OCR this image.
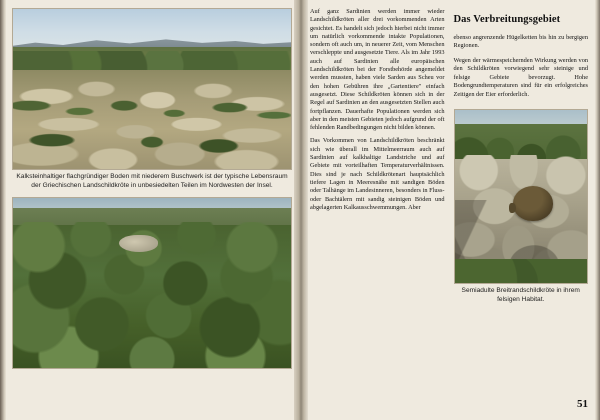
Kalksteinhaltiger flachgründiger Boden mit niederem Buschwerk ist der typische Lebensraum der Griechischen Landschildkröte in unbesiedelten Teilen im Nordwesten der Insel.

Auf ganz Sardinien werden immer wieder Landschildkröten aller drei vorkommenden Arten gesichtet. Es handelt sich jedoch hierbei nicht immer um natürlich vorkommende intakte Populationen, sondern oft auch um, in neuerer Zeit, vom Menschen verschleppte und ausgesetzte Tiere. Als im Jahr 1993 auch auf Sardinien alle europäischen Landschildkröten bei der Forstbehörde angemeldet werden mussten, haben viele Sarden aus Scheu vor den hohen Gebühren ihre „Gartentiere" einfach ausgesetzt. Diese Schildkröten können sich in der Regel auf Sardinien an den ausgesetzten Stellen auch fortpflanzen. Dauerhafte Populationen werden sich aber in den meisten Gebieten jedoch aufgrund der oft fehlenden Randbedingungen nicht bilden können.

Das Vorkommen von Landschildkröten beschränkt sich wie überall im Mittelmeerraum auch auf Sardinien auf kalkhaltige Landstriche und auf Gebiete mit vorteilhaften Temperaturverhältnissen. Dies sind je nach Schildkrötenart hauptsächlich tiefere Lagen in Meeresnähe mit sandigen Böden oder Talhänge im Landesinneren, besonders in Fluss- oder Bachtälern mit sandig steinigen Böden und abgelagerten Kalkausschwemmungen. Aber

Das Verbreitungsgebiet

ebenso angrenzende Hügelketten bis hin zu bergigen Regionen.

Wegen der wärmespeichernden Wirkung werden von den Schildkröten vorwiegend sehr steinige und felsige Gebiete bevorzugt. Hohe Bodengrundtemperaturen sind für ein erfolgreiches Zeitigen der Eier erforderlich.

Semiadulte Breitrandschildkröte in ihrem felsigen Habitat.
51
